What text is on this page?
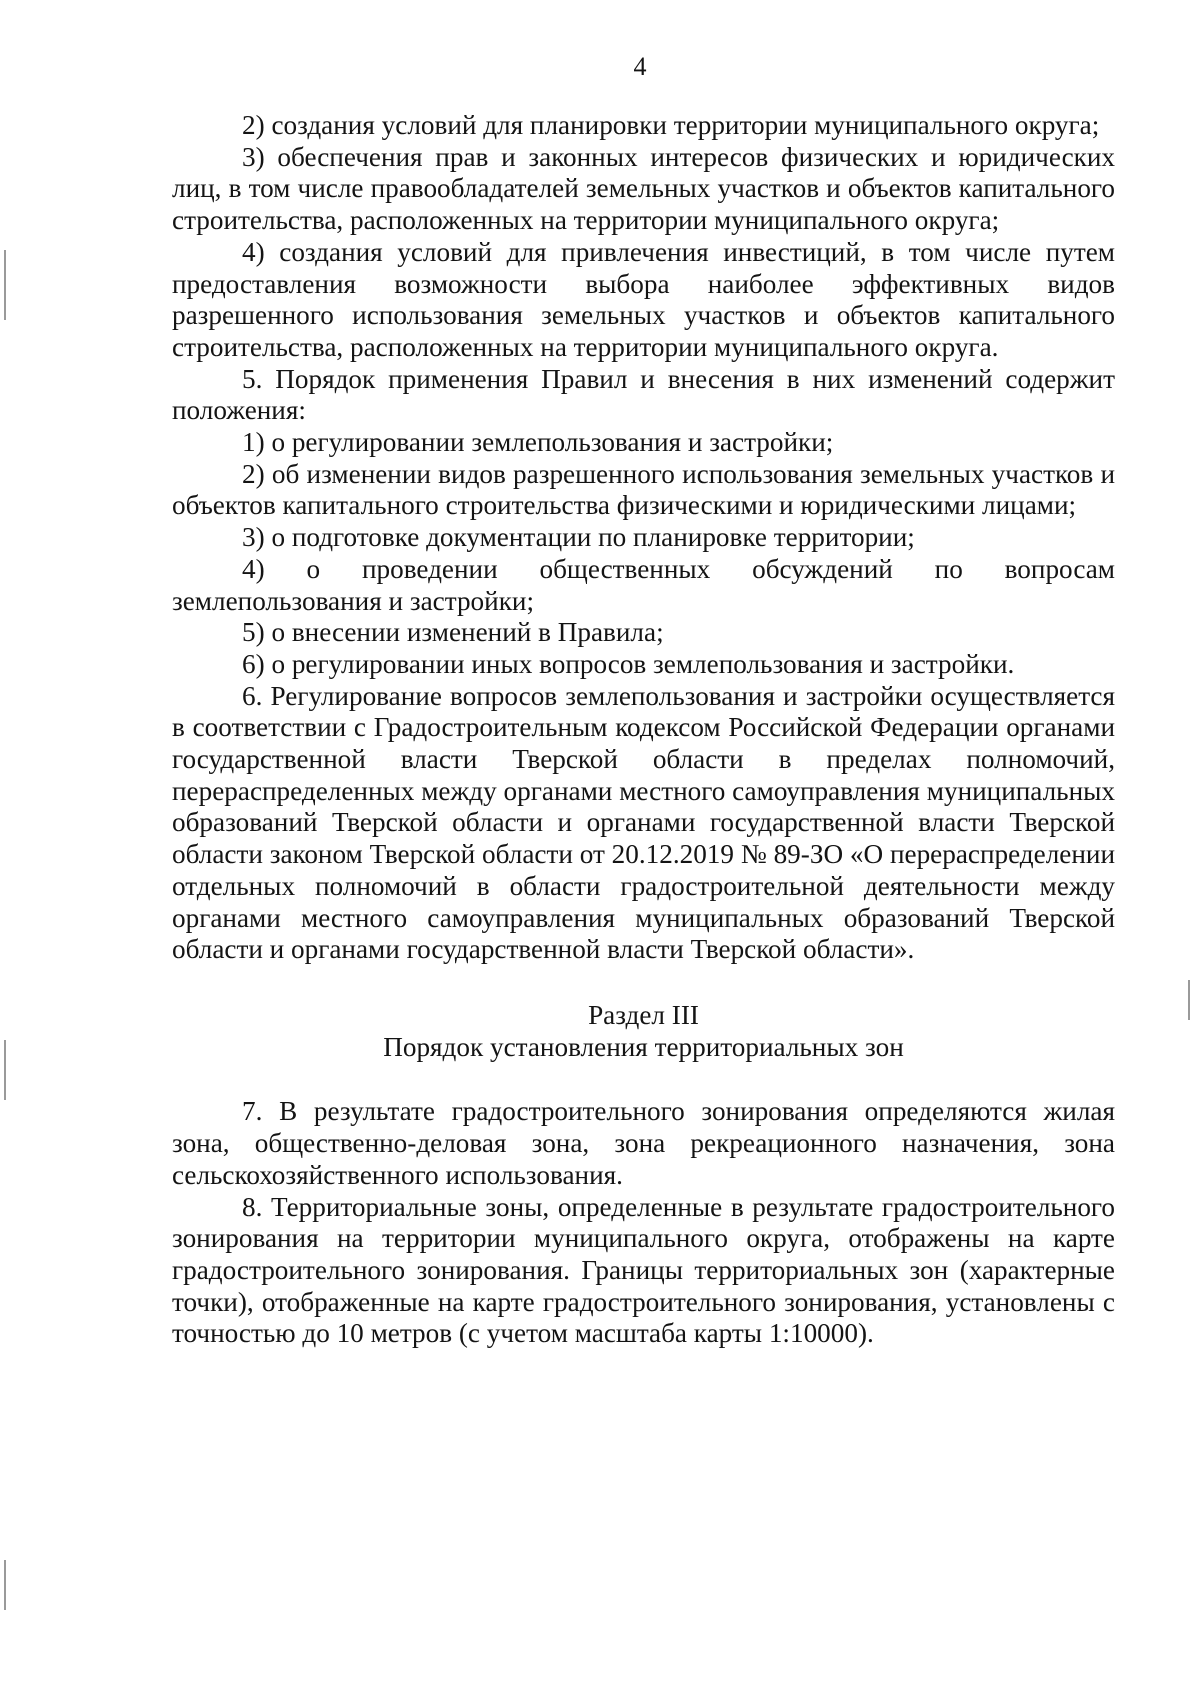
4

2) создания условий для планировки территории муниципального округа;

3) обеспечения прав и законных интересов физических и юридических лиц, в том числе правообладателей земельных участков и объектов капитального строительства, расположенных на территории муниципального округа;

4) создания условий для привлечения инвестиций, в том числе путем предоставления возможности выбора наиболее эффективных видов разрешенного использования земельных участков и объектов капитального строительства, расположенных на территории муниципального округа.

5. Порядок применения Правил и внесения в них изменений содержит положения:

1) о регулировании землепользования и застройки;

2) об изменении видов разрешенного использования земельных участков и объектов капитального строительства физическими и юридическими лицами;

3) о подготовке документации по планировке территории;

4) о проведении общественных обсуждений по вопросам землепользования и застройки;

5) о внесении изменений в Правила;

6) о регулировании иных вопросов землепользования и застройки.

6. Регулирование вопросов землепользования и застройки осуществляется в соответствии с Градостроительным кодексом Российской Федерации органами государственной власти Тверской области в пределах полномочий, перераспределенных между органами местного самоуправления муниципальных образований Тверской области и органами государственной власти Тверской области законом Тверской области от 20.12.2019 № 89-ЗО «О перераспределении отдельных полномочий в области градостроительной деятельности между органами местного самоуправления муниципальных образований Тверской области и органами государственной власти Тверской области».

Раздел III
Порядок установления территориальных зон

7. В результате градостроительного зонирования определяются жилая зона, общественно-деловая зона, зона рекреационного назначения, зона сельскохозяйственного использования.

8. Территориальные зоны, определенные в результате градостроительного зонирования на территории муниципального округа, отображены на карте градостроительного зонирования. Границы территориальных зон (характерные точки), отображенные на карте градостроительного зонирования, установлены с точностью до 10 метров (с учетом масштаба карты 1:10000).
